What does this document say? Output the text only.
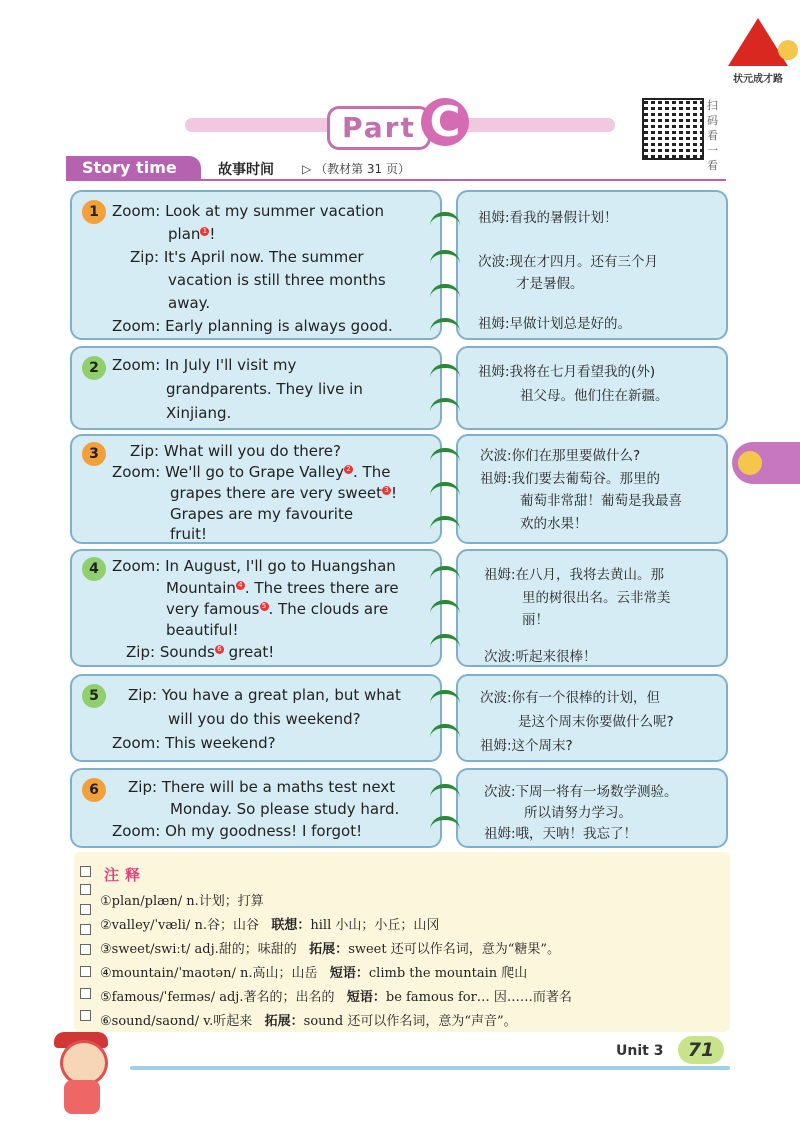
状元成才路
Part C	扫码看一看
Story time	故事时间 ▷ （教材第 31 页）
1 Zoom: Look at my summer vacation
plan 1 !
Zip: It's April now. The summer
vacation is still three months
away.
Zoom: Early planning is always good.
祖姆:看我的暑假计划！
次波:现在才四月。还有三个月
才是暑假。
祖姆:早做计划总是好的。
2 Zoom: In July I'll visit my
grandparents. They live in
Xinjiang.
祖姆:我将在七月看望我的(外)
祖父母。他们住在新疆。
3	Zip: What will you do there?
Zoom: We'll go to Grape Valley 2 . The
grapes there are very sweet 3 !
Grapes are my favourite
fruit!
次波:你们在那里要做什么?
祖姆:我们要去葡萄谷。那里的
葡萄非常甜！葡萄是我最喜
欢的水果！
4 Zoom: In August, I'll go to Huangshan
Mountain 4 . The trees there are
very famous 5 . The clouds are
beautiful!
Zip: Sounds 6 great!
祖姆:在八月，我将去黄山。那
里的树很出名。云非常美
丽！
次波:听起来很棒！
5	Zip: You have a great plan, but what
will you do this weekend?
Zoom: This weekend?
次波:你有一个很棒的计划，但
是这个周末你要做什么呢?
祖姆:这个周末?
6	Zip: There will be a maths test next
Monday. So please study hard.
Zoom: Oh my goodness! I forgot!
次波:下周一将有一场数学测验。
所以请努力学习。
祖姆:哦，天呐！我忘了！
注释
①plan/plæn/ n.计划；打算
②valley/ˈvæli/ n.谷；山谷 联想：hill 小山；小丘；山冈
③sweet/swiːt/ adj.甜的；味甜的 拓展：sweet 还可以作名词，意为“糖果”。
④mountain/ˈmaʊtən/ n.高山；山岳 短语：climb the mountain 爬山
⑤famous/ˈfeɪməs/ adj.著名的；出名的 短语：be famous for… 因……而著名
⑥sound/saʊnd/ v.听起来 拓展：sound 还可以作名词，意为“声音”。
Unit 3	71
